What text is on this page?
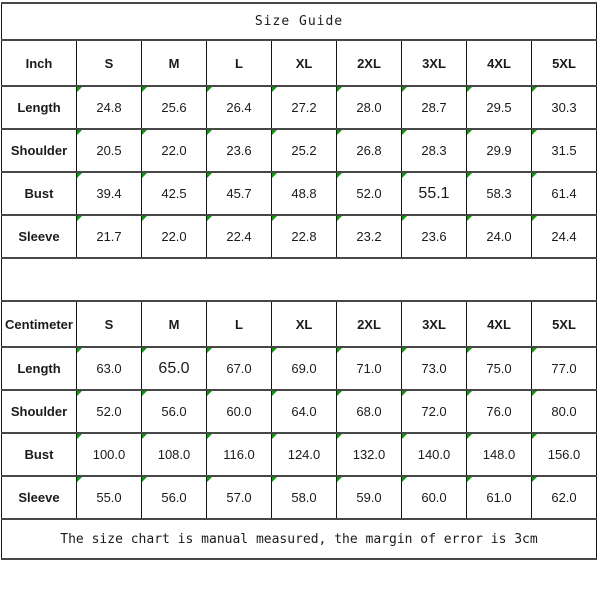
Size Guide								
Inch	S	M	L	XL	2XL	3XL	4XL	5XL
Length	24.8	25.6	26.4	27.2	28.0	28.7	29.5	30.3
Shoulder	20.5	22.0	23.6	25.2	26.8	28.3	29.9	31.5
Bust	39.4	42.5	45.7	48.8	52.0	55.1	58.3	61.4
Sleeve	21.7	22.0	22.4	22.8	23.2	23.6	24.0	24.4

Centimeter	S	M	L	XL	2XL	3XL	4XL	5XL
Length	63.0	65.0	67.0	69.0	71.0	73.0	75.0	77.0
Shoulder	52.0	56.0	60.0	64.0	68.0	72.0	76.0	80.0
Bust	100.0	108.0	116.0	124.0	132.0	140.0	148.0	156.0
Sleeve	55.0	56.0	57.0	58.0	59.0	60.0	61.0	62.0
The size chart is manual measured, the margin of error is 3cm								
